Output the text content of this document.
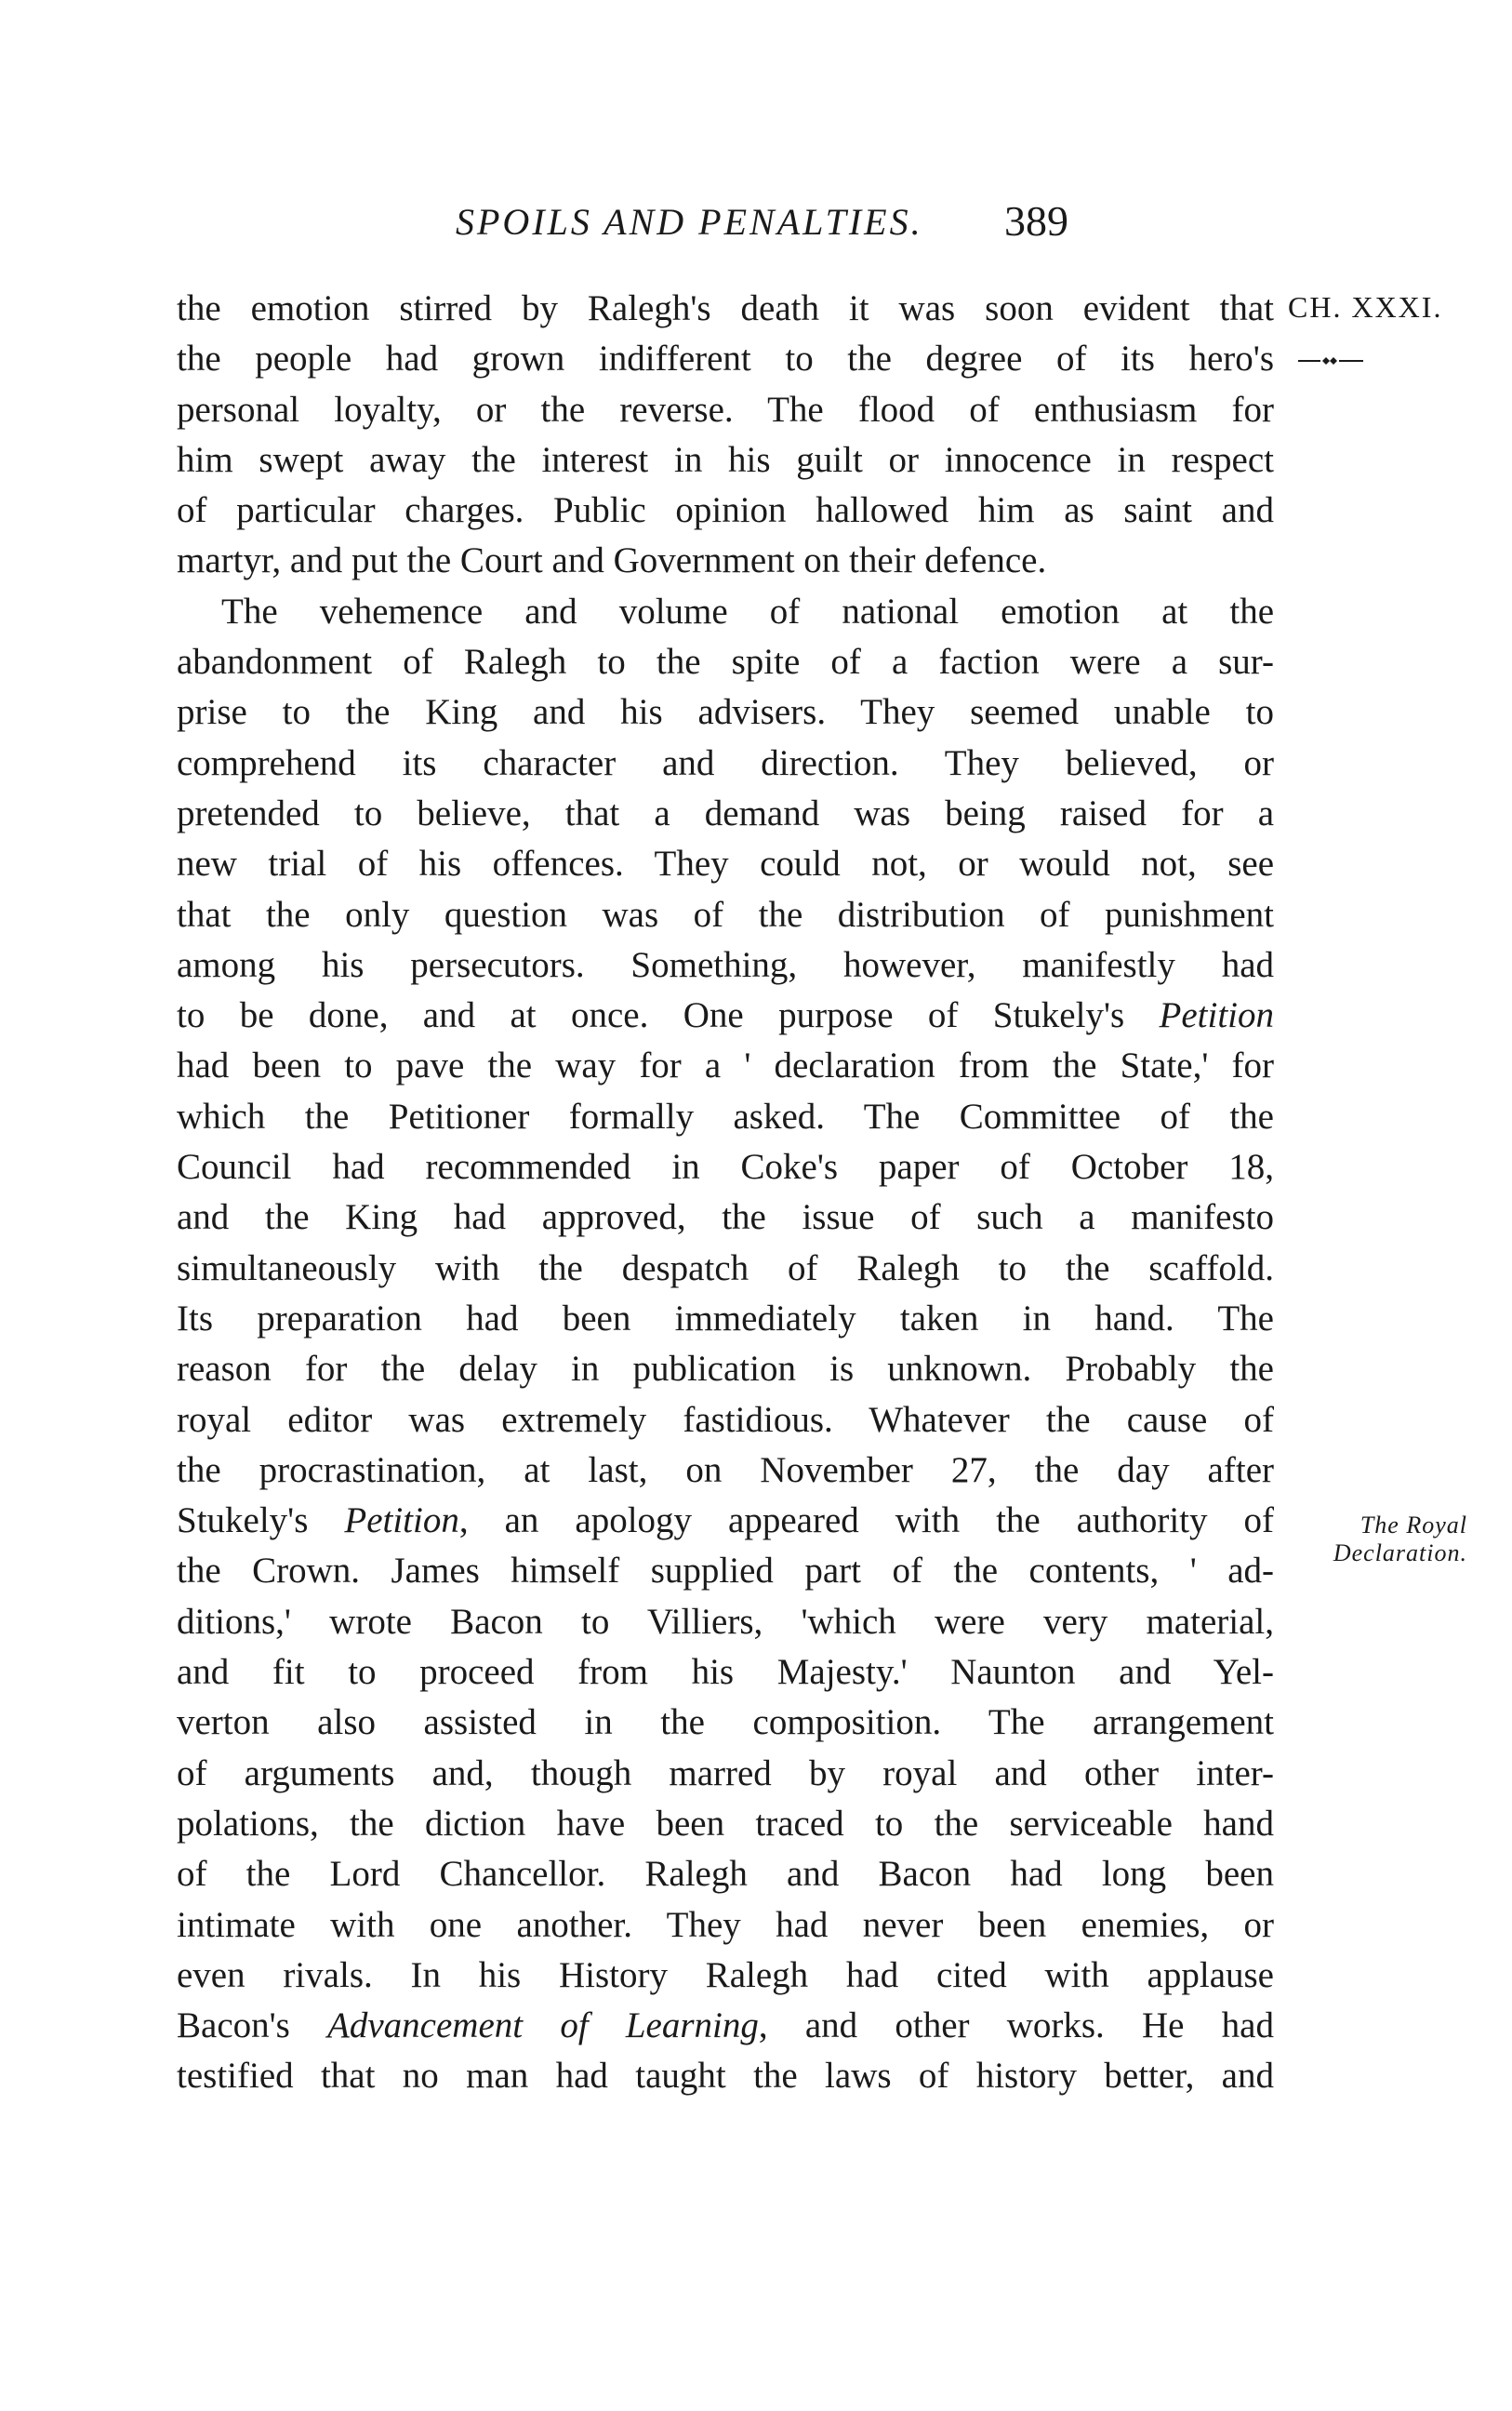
SPOILS AND PENALTIES. 389
CH. XXXI.
The Royal
Declaration.
the emotion stirred by Ralegh's death it was soon evident that
the people had grown indifferent to the degree of its hero's
personal loyalty, or the reverse. The flood of enthusiasm for
him swept away the interest in his guilt or innocence in respect
of particular charges. Public opinion hallowed him as saint and
martyr, and put the Court and Government on their defence.
The vehemence and volume of national emotion at the
abandonment of Ralegh to the spite of a faction were a sur-
prise to the King and his advisers. They seemed unable to
comprehend its character and direction. They believed, or
pretended to believe, that a demand was being raised for a
new trial of his offences. They could not, or would not, see
that the only question was of the distribution of punishment
among his persecutors. Something, however, manifestly had
to be done, and at once. One purpose of Stukely's Petition
had been to pave the way for a ' declaration from the State,' for
which the Petitioner formally asked. The Committee of the
Council had recommended in Coke's paper of October 18,
and the King had approved, the issue of such a manifesto
simultaneously with the despatch of Ralegh to the scaffold.
Its preparation had been immediately taken in hand. The
reason for the delay in publication is unknown. Probably the
royal editor was extremely fastidious. Whatever the cause of
the procrastination, at last, on November 27, the day after
Stukely's Petition, an apology appeared with the authority of
the Crown. James himself supplied part of the contents, ' ad-
ditions,' wrote Bacon to Villiers, 'which were very material,
and fit to proceed from his Majesty.' Naunton and Yel-
verton also assisted in the composition. The arrangement
of arguments and, though marred by royal and other inter-
polations, the diction have been traced to the serviceable hand
of the Lord Chancellor. Ralegh and Bacon had long been
intimate with one another. They had never been enemies, or
even rivals. In his History Ralegh had cited with applause
Bacon's Advancement of Learning, and other works. He had
testified that no man had taught the laws of history better, and
